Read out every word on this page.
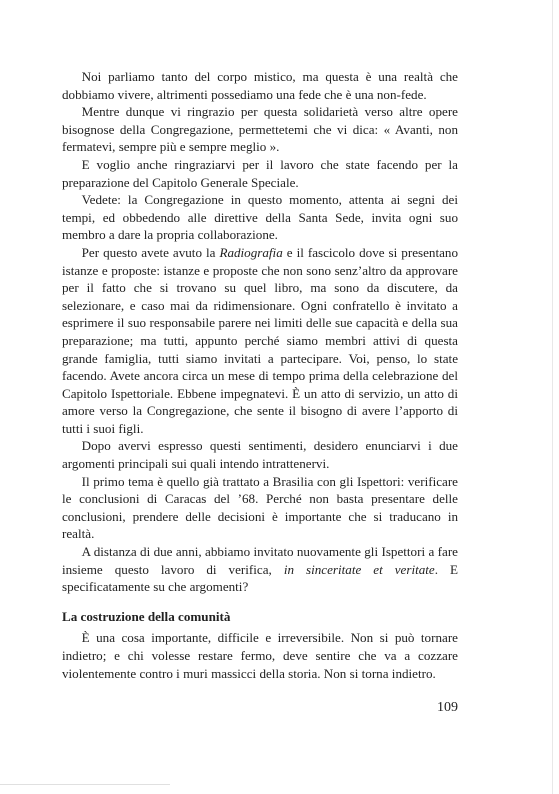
Noi parliamo tanto del corpo mistico, ma questa è una realtà che dobbiamo vivere, altrimenti possediamo una fede che è una non-fede.

Mentre dunque vi ringrazio per questa solidarietà verso altre opere bisognose della Congregazione, permettetemi che vi dica: « Avanti, non fermatevi, sempre più e sempre meglio ».

E voglio anche ringraziarvi per il lavoro che state facendo per la preparazione del Capitolo Generale Speciale.

Vedete: la Congregazione in questo momento, attenta ai segni dei tempi, ed obbedendo alle direttive della Santa Sede, invita ogni suo membro a dare la propria collaborazione.

Per questo avete avuto la Radiografia e il fascicolo dove si presentano istanze e proposte: istanze e proposte che non sono senz’altro da approvare per il fatto che si trovano su quel libro, ma sono da discutere, da selezionare, e caso mai da ridimensionare. Ogni confratello è invitato a esprimere il suo responsabile parere nei limiti delle sue capacità e della sua preparazione; ma tutti, appunto perché siamo membri attivi di questa grande famiglia, tutti siamo invitati a partecipare. Voi, penso, lo state facendo. Avete ancora circa un mese di tempo prima della celebrazione del Capitolo Ispettoriale. Ebbene impegnatevi. È un atto di servizio, un atto di amore verso la Congregazione, che sente il bisogno di avere l’apporto di tutti i suoi figli.

Dopo avervi espresso questi sentimenti, desidero enunciarvi i due argomenti principali sui quali intendo intrattenervi.

Il primo tema è quello già trattato a Brasilia con gli Ispettori: verificare le conclusioni di Caracas del ’68. Perché non basta presentare delle conclusioni, prendere delle decisioni è importante che si traducano in realtà.

A distanza di due anni, abbiamo invitato nuovamente gli Ispettori a fare insieme questo lavoro di verifica, in sinceritate et veritate. E specificatamente su che argomenti?

La costruzione della comunità

È una cosa importante, difficile e irreversibile. Non si può tornare indietro; e chi volesse restare fermo, deve sentire che va a cozzare violentemente contro i muri massicci della storia. Non si torna indietro.

109
